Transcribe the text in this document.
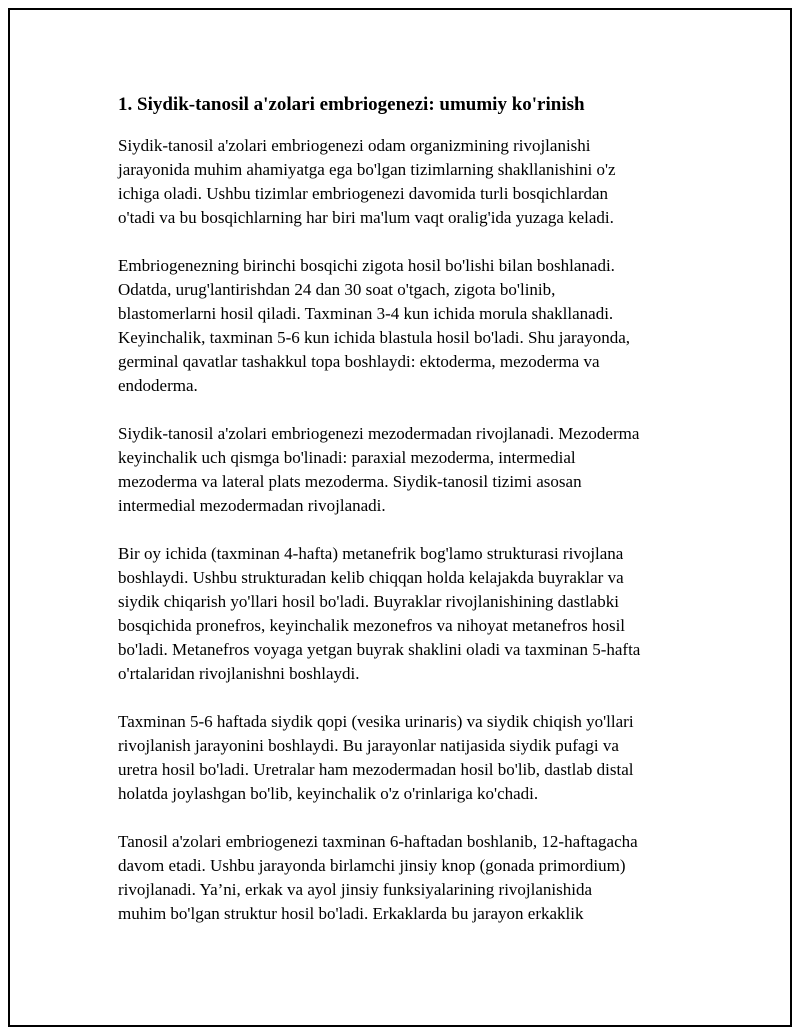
1. Siydik-tanosil a'zolari embriogenezi: umumiy ko'rinish
Siydik-tanosil a'zolari embriogenezi odam organizmining rivojlanishi
jarayonida muhim ahamiyatga ega bo'lgan tizimlarning shakllanishini o'z
ichiga oladi. Ushbu tizimlar embriogenezi davomida turli bosqichlardan
o'tadi va bu bosqichlarning har biri ma'lum vaqt oralig'ida yuzaga keladi.
Embriogenezning birinchi bosqichi zigota hosil bo'lishi bilan boshlanadi.
Odatda, urug'lantirishdan 24 dan 30 soat o'tgach, zigota bo'linib,
blastomerlarni hosil qiladi. Taxminan 3-4 kun ichida morula shakllanadi.
Keyinchalik, taxminan 5-6 kun ichida blastula hosil bo'ladi. Shu jarayonda,
germinal qavatlar tashakkul topa boshlaydi: ektoderma, mezoderma va
endoderma.
Siydik-tanosil a'zolari embriogenezi mezodermadan rivojlanadi. Mezoderma
keyinchalik uch qismga bo'linadi: paraxial mezoderma, intermedial
mezoderma va lateral plats mezoderma. Siydik-tanosil tizimi asosan
intermedial mezodermadan rivojlanadi.
Bir oy ichida (taxminan 4-hafta) metanefrik bog'lamo strukturasi rivojlana
boshlaydi. Ushbu strukturadan kelib chiqqan holda kelajakda buyraklar va
siydik chiqarish yo'llari hosil bo'ladi. Buyraklar rivojlanishining dastlabki
bosqichida pronefros, keyinchalik mezonefros va nihoyat metanefros hosil
bo'ladi. Metanefros voyaga yetgan buyrak shaklini oladi va taxminan 5-hafta
o'rtalaridan rivojlanishni boshlaydi.
Taxminan 5-6 haftada siydik qopi (vesika urinaris) va siydik chiqish yo'llari
rivojlanish jarayonini boshlaydi. Bu jarayonlar natijasida siydik pufagi va
uretra hosil bo'ladi. Uretralar ham mezodermadan hosil bo'lib, dastlab distal
holatda joylashgan bo'lib, keyinchalik o'z o'rinlariga ko'chadi.
Tanosil a'zolari embriogenezi taxminan 6-haftadan boshlanib, 12-haftagacha
davom etadi. Ushbu jarayonda birlamchi jinsiy knop (gonada primordium)
rivojlanadi. Ya’ni, erkak va ayol jinsiy funksiyalarining rivojlanishida
muhim bo'lgan struktur hosil bo'ladi. Erkaklarda bu jarayon erkaklik
